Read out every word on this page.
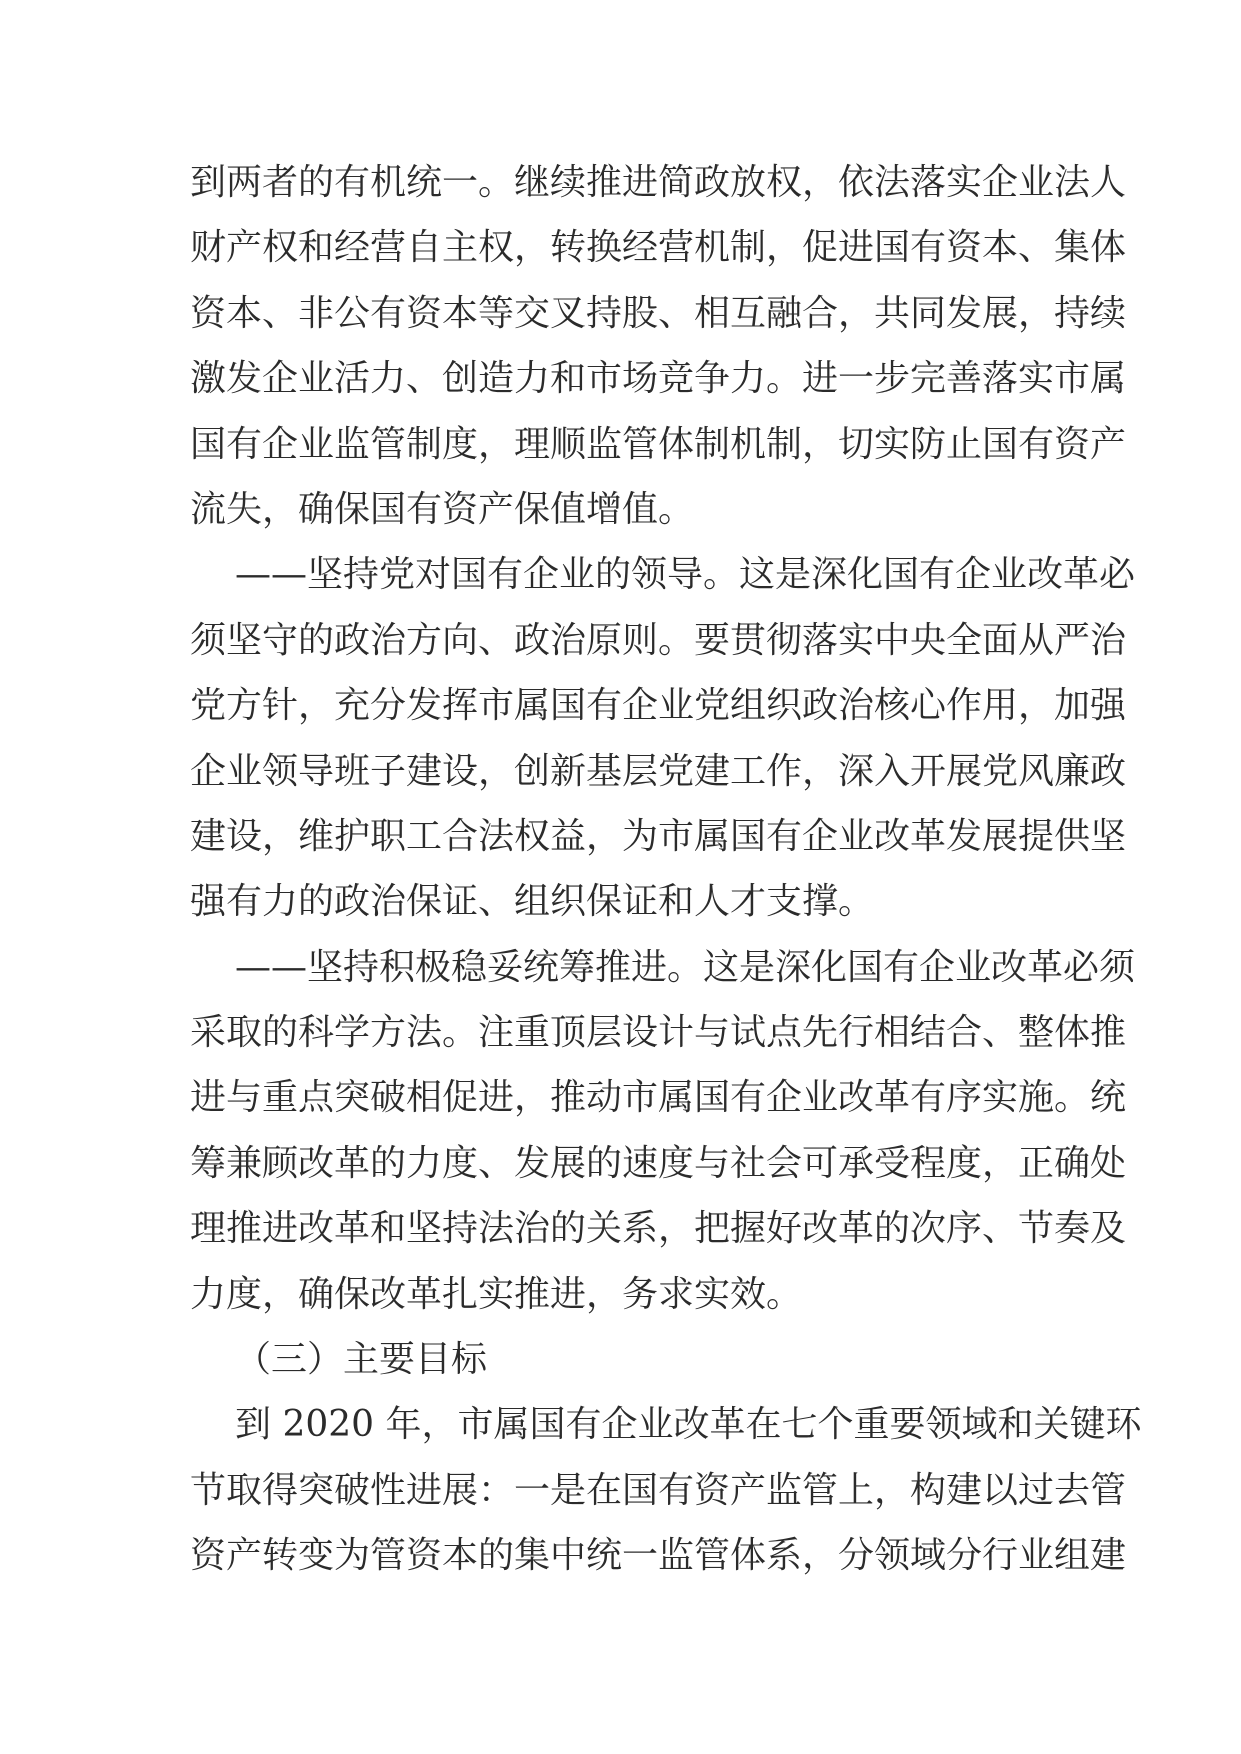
到两者的有机统一。继续推进简政放权，依法落实企业法人
财产权和经营自主权，转换经营机制，促进国有资本、集体
资本、非公有资本等交叉持股、相互融合，共同发展，持续
激发企业活力、创造力和市场竞争力。进一步完善落实市属
国有企业监管制度，理顺监管体制机制，切实防止国有资产
流失，确保国有资产保值增值。
——坚持党对国有企业的领导。这是深化国有企业改革必
须坚守的政治方向、政治原则。要贯彻落实中央全面从严治
党方针，充分发挥市属国有企业党组织政治核心作用，加强
企业领导班子建设，创新基层党建工作，深入开展党风廉政
建设，维护职工合法权益，为市属国有企业改革发展提供坚
强有力的政治保证、组织保证和人才支撑。
——坚持积极稳妥统筹推进。这是深化国有企业改革必须
采取的科学方法。注重顶层设计与试点先行相结合、整体推
进与重点突破相促进，推动市属国有企业改革有序实施。统
筹兼顾改革的力度、发展的速度与社会可承受程度，正确处
理推进改革和坚持法治的关系，把握好改革的次序、节奏及
力度，确保改革扎实推进，务求实效。
（三）主要目标
到 2020 年，市属国有企业改革在七个重要领域和关键环
节取得突破性进展：一是在国有资产监管上，构建以过去管
资产转变为管资本的集中统一监管体系，分领域分行业组建
